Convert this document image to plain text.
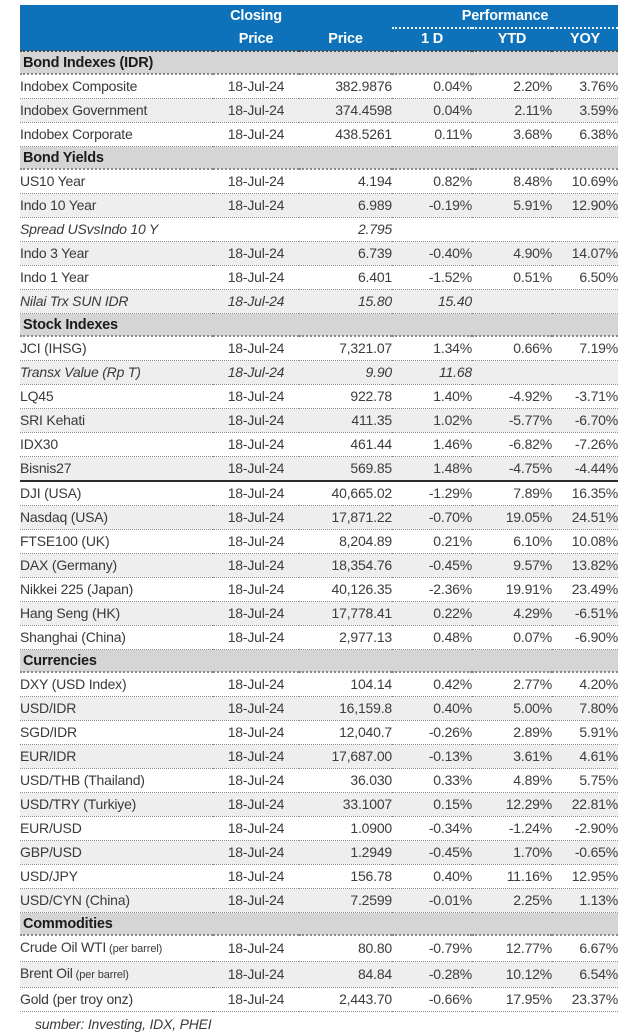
	Closing		Performance		
	Price	Price	1 D	YTD	YOY
Bond Indexes (IDR)					
Indobex Composite	18-Jul-24	382.9876	0.04%	2.20%	3.76%
Indobex Government	18-Jul-24	374.4598	0.04%	2.11%	3.59%
Indobex Corporate	18-Jul-24	438.5261	0.11%	3.68%	6.38%
Bond Yields					
US10 Year	18-Jul-24	4.194	0.82%	8.48%	10.69%
Indo 10 Year	18-Jul-24	6.989	-0.19%	5.91%	12.90%
Spread USvsIndo 10 Y		2.795			
Indo 3 Year	18-Jul-24	6.739	-0.40%	4.90%	14.07%
Indo 1 Year	18-Jul-24	6.401	-1.52%	0.51%	6.50%
Nilai Trx SUN IDR	18-Jul-24	15.80	15.40		
Stock Indexes					
JCI (IHSG)	18-Jul-24	7,321.07	1.34%	0.66%	7.19%
Transx Value (Rp T)	18-Jul-24	9.90	11.68		
LQ45	18-Jul-24	922.78	1.40%	-4.92%	-3.71%
SRI Kehati	18-Jul-24	411.35	1.02%	-5.77%	-6.70%
IDX30	18-Jul-24	461.44	1.46%	-6.82%	-7.26%
Bisnis27	18-Jul-24	569.85	1.48%	-4.75%	-4.44%
DJI (USA)	18-Jul-24	40,665.02	-1.29%	7.89%	16.35%
Nasdaq (USA)	18-Jul-24	17,871.22	-0.70%	19.05%	24.51%
FTSE100 (UK)	18-Jul-24	8,204.89	0.21%	6.10%	10.08%
DAX (Germany)	18-Jul-24	18,354.76	-0.45%	9.57%	13.82%
Nikkei 225 (Japan)	18-Jul-24	40,126.35	-2.36%	19.91%	23.49%
Hang Seng (HK)	18-Jul-24	17,778.41	0.22%	4.29%	-6.51%
Shanghai (China)	18-Jul-24	2,977.13	0.48%	0.07%	-6.90%
Currencies					
DXY (USD Index)	18-Jul-24	104.14	0.42%	2.77%	4.20%
USD/IDR	18-Jul-24	16,159.8	0.40%	5.00%	7.80%
SGD/IDR	18-Jul-24	12,040.7	-0.26%	2.89%	5.91%
EUR/IDR	18-Jul-24	17,687.00	-0.13%	3.61%	4.61%
USD/THB (Thailand)	18-Jul-24	36.030	0.33%	4.89%	5.75%
USD/TRY (Turkiye)	18-Jul-24	33.1007	0.15%	12.29%	22.81%
EUR/USD	18-Jul-24	1.0900	-0.34%	-1.24%	-2.90%
GBP/USD	18-Jul-24	1.2949	-0.45%	1.70%	-0.65%
USD/JPY	18-Jul-24	156.78	0.40%	11.16%	12.95%
USD/CYN (China)	18-Jul-24	7.2599	-0.01%	2.25%	1.13%
Commodities					
Crude Oil WTI (per barrel)	18-Jul-24	80.80	-0.79%	12.77%	6.67%
Brent Oil (per barrel)	18-Jul-24	84.84	-0.28%	10.12%	6.54%
Gold (per troy onz)	18-Jul-24	2,443.70	-0.66%	17.95%	23.37%
sumber: Investing, IDX, PHEI
